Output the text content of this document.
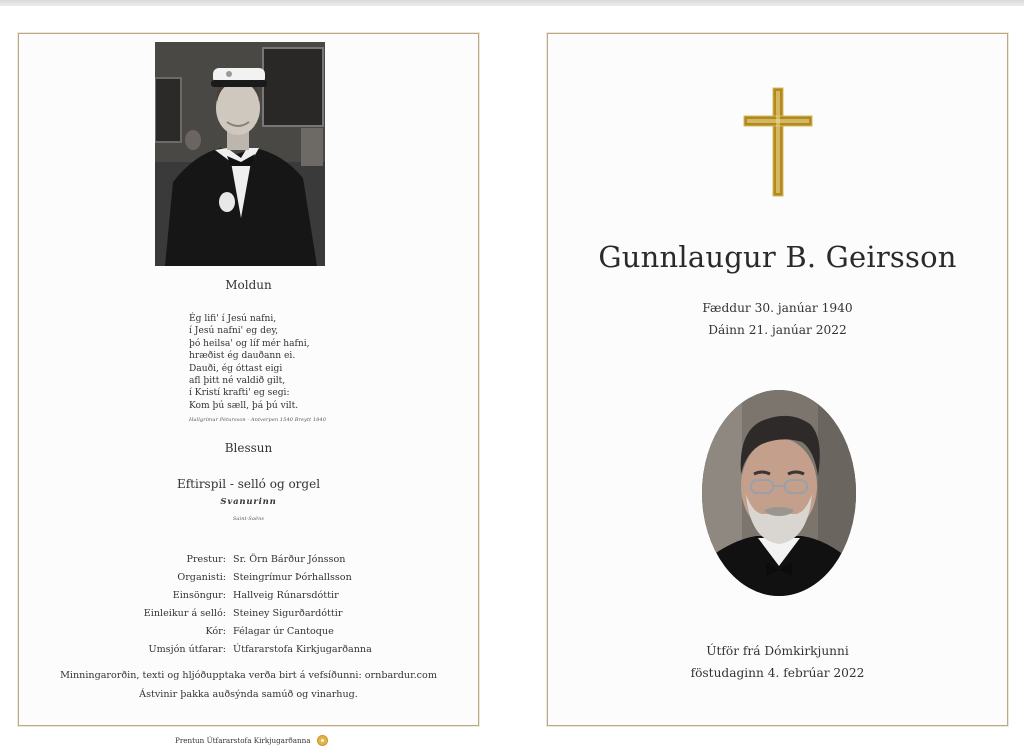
Moldun
Ég lifi' í Jesú nafni,
í Jesú nafni' eg dey,
þó heilsa' og líf mér hafni,
hræðist ég dauðann ei.
Dauði, ég óttast eigi
afl þitt né valdið gilt,
í Kristí krafti' eg segi:
Kom þú sæll, þá þú vilt.
Hallgrímur Pétursson - Antverpen 1540 Breytt 1840
Blessun
Eftirspil - selló og orgel
Svanurinn
Saint-Saëns
Prestur: Sr. Örn Bárður Jónsson
Organisti: Steingrímur Þórhallsson
Einsöngur: Hallveig Rúnarsdóttir
Einleikur á selló: Steiney Sigurðardóttir
Kór: Félagar úr Cantoque
Umsjón útfarar: Útfararstofa Kirkjugarðanna
Minningarorðin, texti og hljóðupptaka verða birt á vefsíðunni: ornbardur.com
Ástvinir þakka auðsýnda samúð og vinarhug.
Prentun Útfararstofa Kirkjugarðanna
Gunnlaugur B. Geirsson
Fæddur 30. janúar 1940
Dáinn 21. janúar 2022
Útför frá Dómkirkjunni
föstudaginn 4. febrúar 2022
